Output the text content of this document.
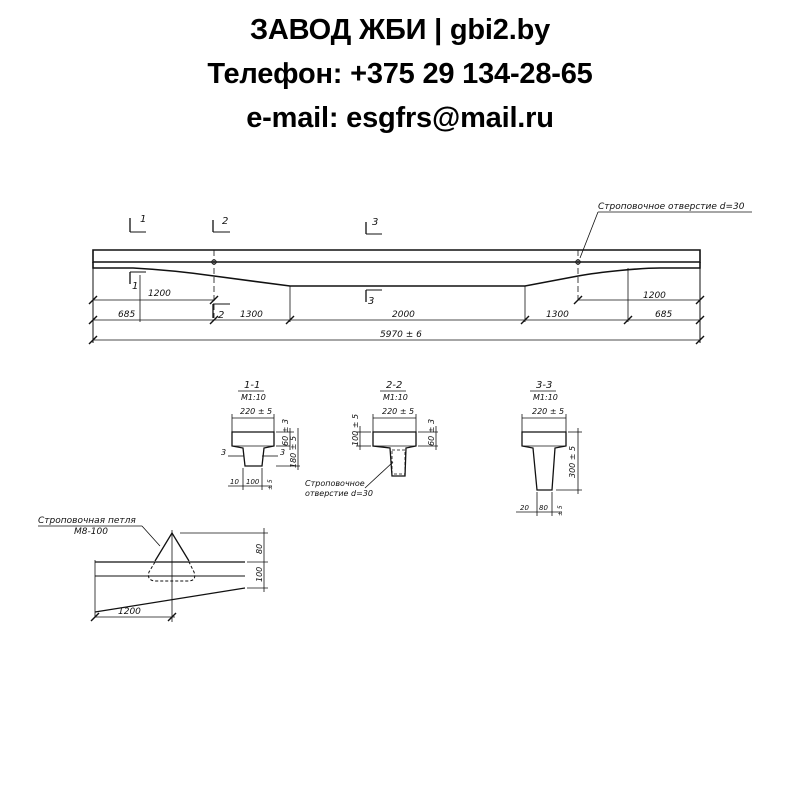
ЗАВОД ЖБИ | gbi2.by
Телефон: +375 29 134-28-65
e-mail: esgfrs@mail.ru
Строповочное отверстие d=30
1
1
2
2
3
3
1200	1200
685	1300	2000	1300	685
5970 ± 6
1-1
M1:10
220 ± 5
60 ± 3
180 ± 5
3	3
10 100 ± 5
2-2
M1:10
220 ± 5
100 ± 5	60 ± 3
Строповочное
отверстие d=30
3-3
M1:10
220 ± 5
300 ± 5
20 80 ± 5
Строповочная петля
М8-100
80
100
1200
